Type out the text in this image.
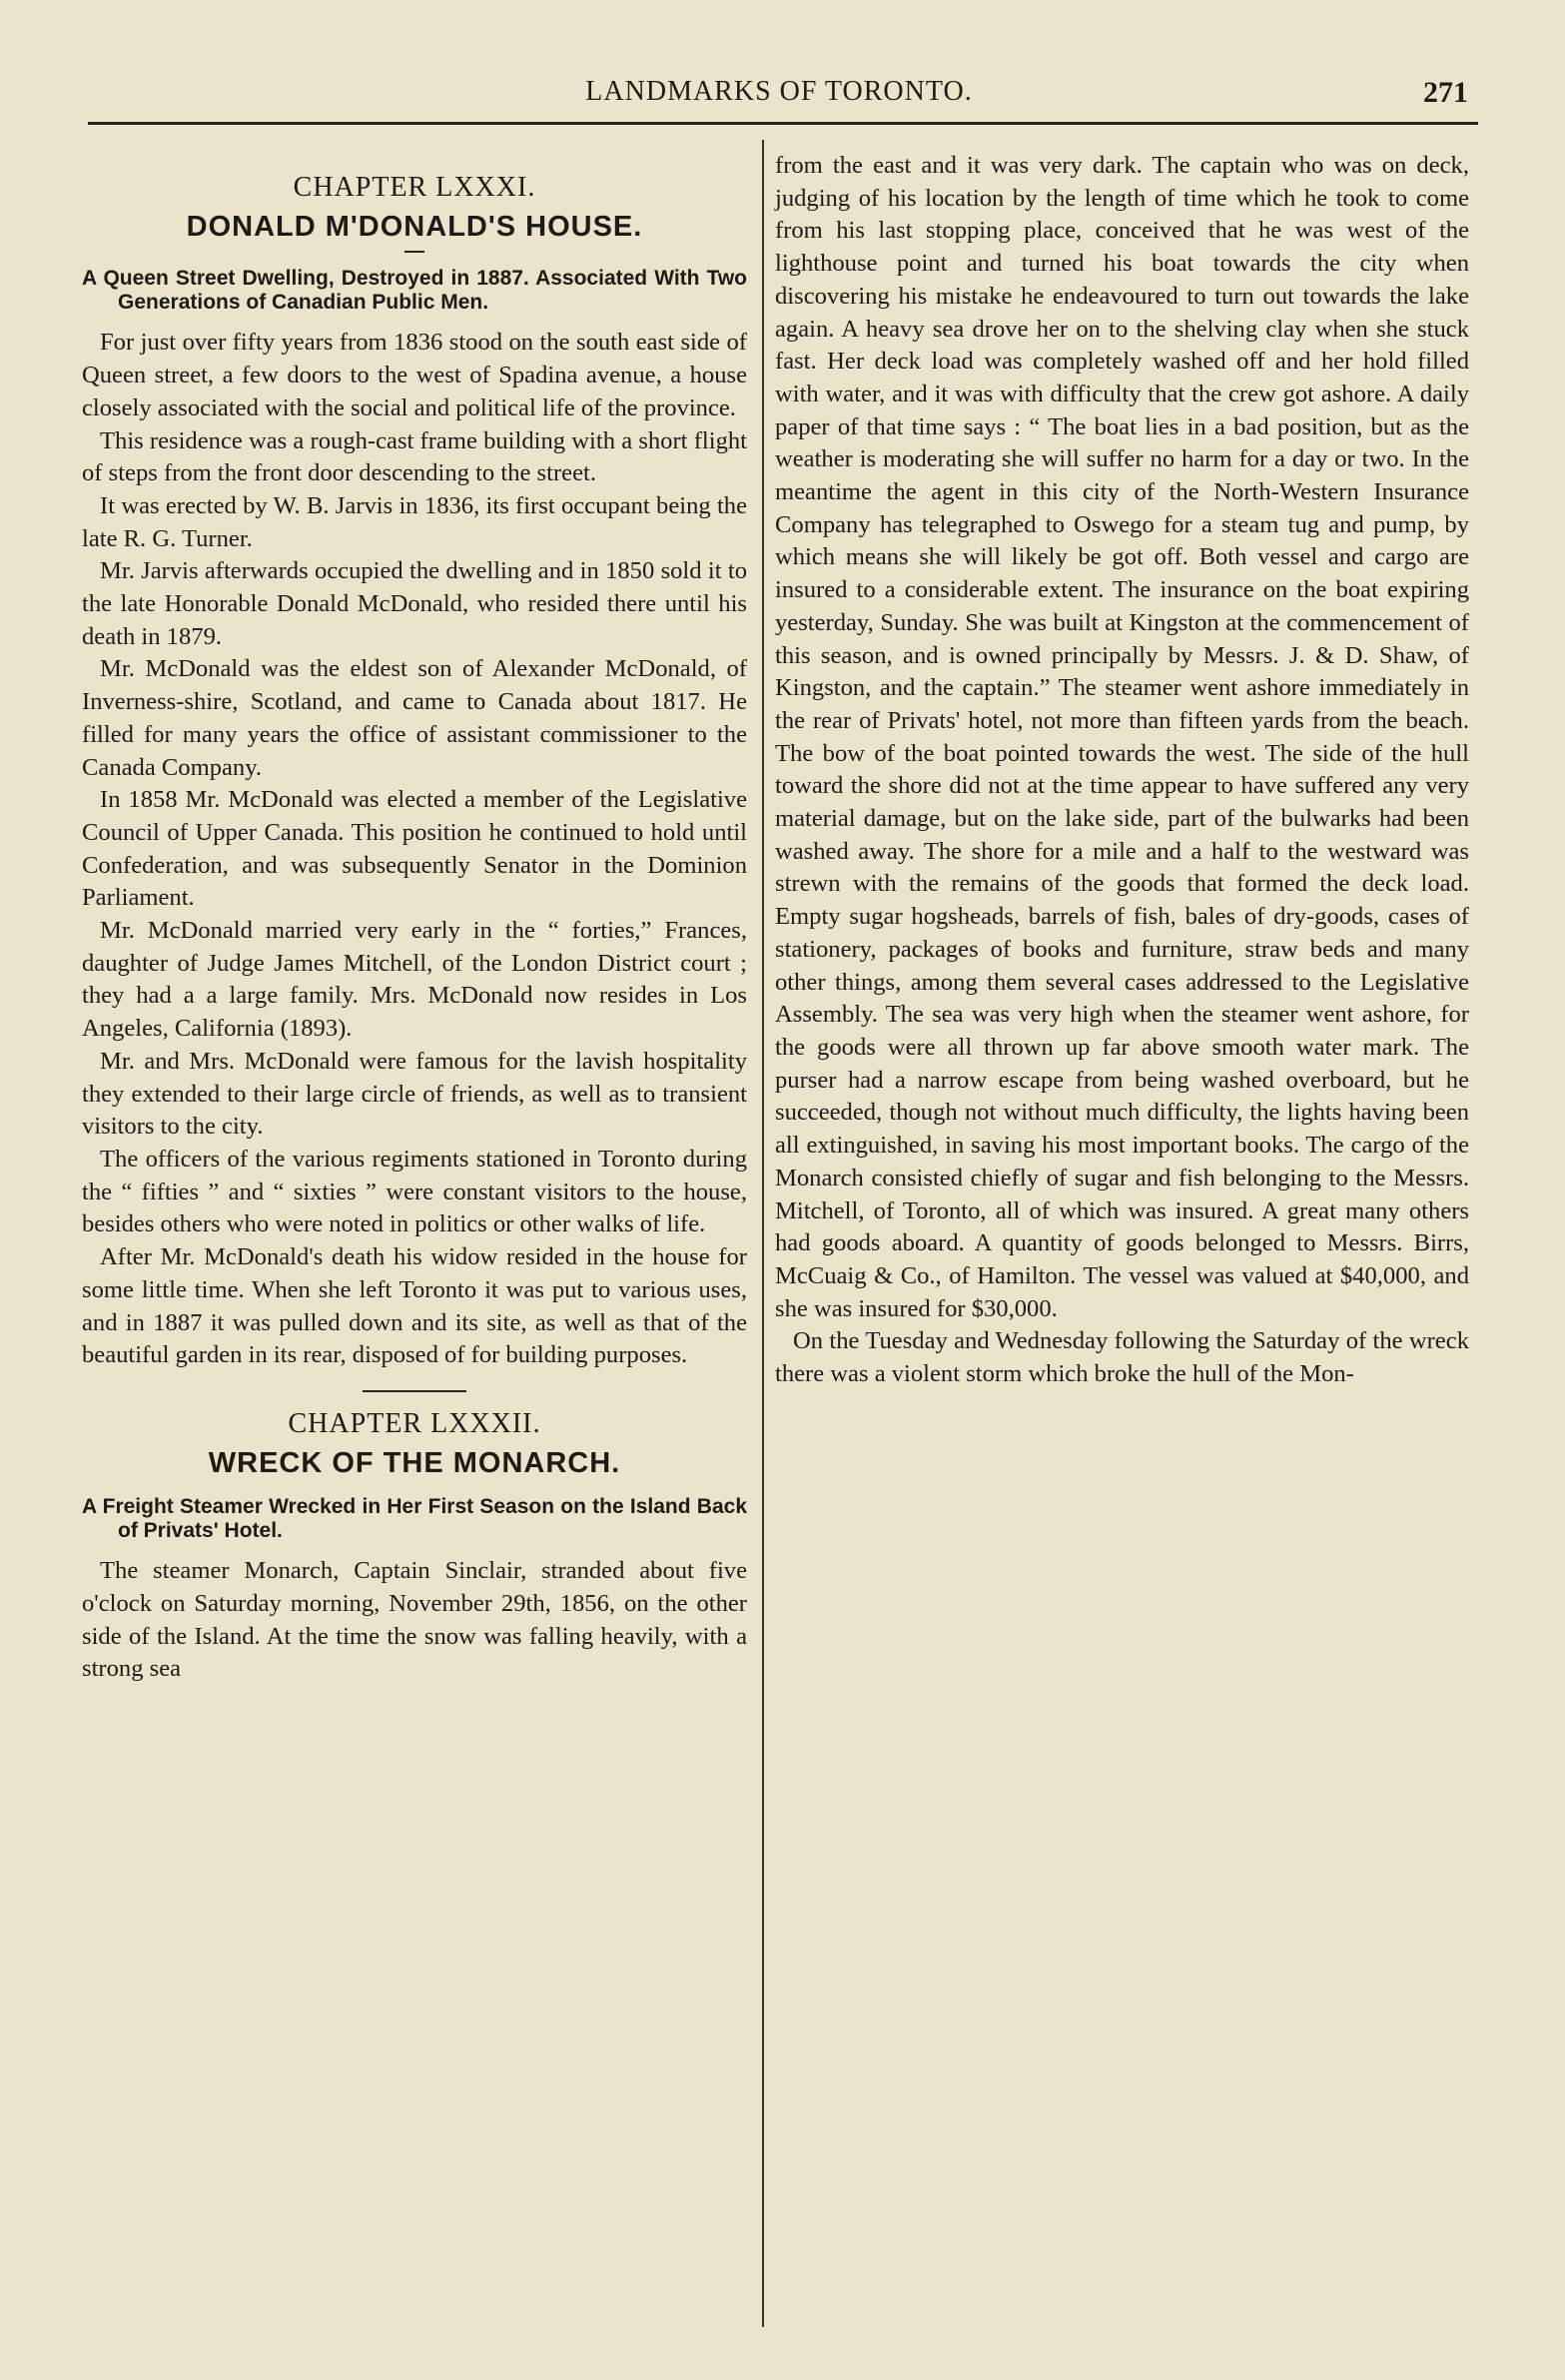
LANDMARKS OF TORONTO.	271
CHAPTER LXXXI.
DONALD M'DONALD'S HOUSE.
A Queen Street Dwelling, Destroyed in 1887. Associated With Two Generations of Canadian Public Men.

For just over fifty years from 1836 stood on the south east side of Queen street, a few doors to the west of Spadina avenue, a house closely associated with the social and political life of the province.

This residence was a rough-cast frame building with a short flight of steps from the front door descending to the street.

It was erected by W. B. Jarvis in 1836, its first occupant being the late R. G. Turner.

Mr. Jarvis afterwards occupied the dwelling and in 1850 sold it to the late Honorable Donald McDonald, who resided there until his death in 1879.

Mr. McDonald was the eldest son of Alexander McDonald, of Inverness-shire, Scotland, and came to Canada about 1817. He filled for many years the office of assistant commissioner to the Canada Company.

In 1858 Mr. McDonald was elected a member of the Legislative Council of Upper Canada. This position he continued to hold until Confederation, and was subsequently Senator in the Dominion Parliament.

Mr. McDonald married very early in the “ forties,” Frances, daughter of Judge James Mitchell, of the London District court ; they had a a large family. Mrs. McDonald now resides in Los Angeles, California (1893).

Mr. and Mrs. McDonald were famous for the lavish hospitality they extended to their large circle of friends, as well as to transient visitors to the city.

The officers of the various regiments stationed in Toronto during the “ fifties ” and “ sixties ” were constant visitors to the house, besides others who were noted in politics or other walks of life.

After Mr. McDonald's death his widow resided in the house for some little time. When she left Toronto it was put to various uses, and in 1887 it was pulled down and its site, as well as that of the beautiful garden in its rear, disposed of for building purposes.

CHAPTER LXXXII.
WRECK OF THE MONARCH.
A Freight Steamer Wrecked in Her First Season on the Island Back of Privats' Hotel.

The steamer Monarch, Captain Sinclair, stranded about five o'clock on Saturday morning, November 29th, 1856, on the other side of the Island. At the time the snow was falling heavily, with a strong sea

from the east and it was very dark. The captain who was on deck, judging of his location by the length of time which he took to come from his last stopping place, conceived that he was west of the lighthouse point and turned his boat towards the city when discovering his mistake he endeavoured to turn out towards the lake again. A heavy sea drove her on to the shelving clay when she stuck fast. Her deck load was completely washed off and her hold filled with water, and it was with difficulty that the crew got ashore. A daily paper of that time says : “ The boat lies in a bad position, but as the weather is moderating she will suffer no harm for a day or two. In the meantime the agent in this city of the North-Western Insurance Company has telegraphed to Oswego for a steam tug and pump, by which means she will likely be got off. Both vessel and cargo are insured to a considerable extent. The insurance on the boat expiring yesterday, Sunday. She was built at Kingston at the commencement of this season, and is owned principally by Messrs. J. & D. Shaw, of Kingston, and the captain.” The steamer went ashore immediately in the rear of Privats' hotel, not more than fifteen yards from the beach. The bow of the boat pointed towards the west. The side of the hull toward the shore did not at the time appear to have suffered any very material damage, but on the lake side, part of the bulwarks had been washed away. The shore for a mile and a half to the westward was strewn with the remains of the goods that formed the deck load. Empty sugar hogsheads, barrels of fish, bales of dry-goods, cases of stationery, packages of books and furniture, straw beds and many other things, among them several cases addressed to the Legislative Assembly. The sea was very high when the steamer went ashore, for the goods were all thrown up far above smooth water mark. The purser had a narrow escape from being washed overboard, but he succeeded, though not without much difficulty, the lights having been all extinguished, in saving his most important books. The cargo of the Monarch consisted chiefly of sugar and fish belonging to the Messrs. Mitchell, of Toronto, all of which was insured. A great many others had goods aboard. A quantity of goods belonged to Messrs. Birrs, McCuaig & Co., of Hamilton. The vessel was valued at $40,000, and she was insured for $30,000.

On the Tuesday and Wednesday following the Saturday of the wreck there was a violent storm which broke the hull of the Mon-
